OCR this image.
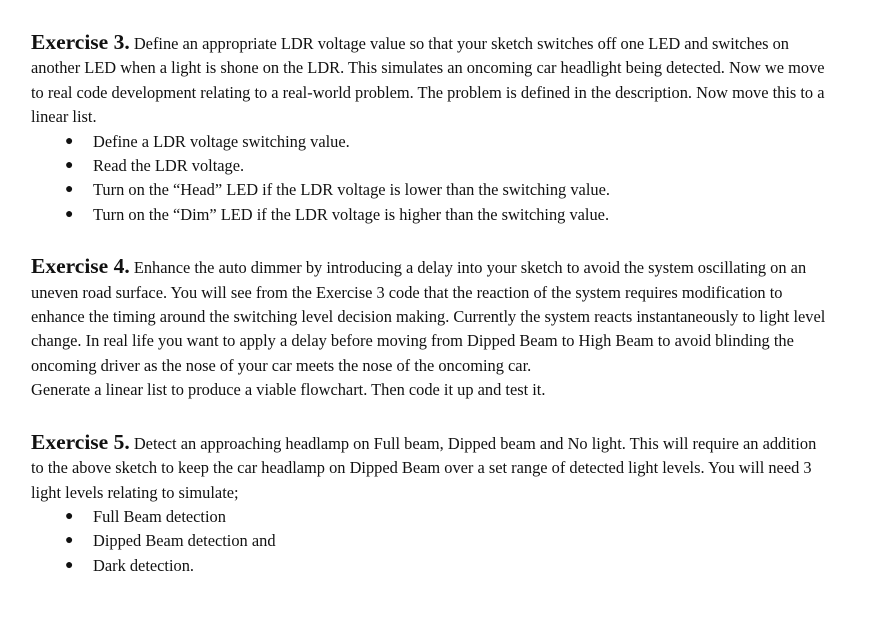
Exercise 3. Define an appropriate LDR voltage value so that your sketch switches off one LED and switches on another LED when a light is shone on the LDR. This simulates an oncoming car headlight being detected. Now we move to real code development relating to a real-world problem. The problem is defined in the description. Now move this to a linear list.

● Define a LDR voltage switching value.
● Read the LDR voltage.
● Turn on the “Head” LED if the LDR voltage is lower than the switching value.
● Turn on the “Dim” LED if the LDR voltage is higher than the switching value.

Exercise 4. Enhance the auto dimmer by introducing a delay into your sketch to avoid the system oscillating on an uneven road surface. You will see from the Exercise 3 code that the reaction of the system requires modification to enhance the timing around the switching level decision making. Currently the system reacts instantaneously to light level change. In real life you want to apply a delay before moving from Dipped Beam to High Beam to avoid blinding the oncoming driver as the nose of your car meets the nose of the oncoming car.

Generate a linear list to produce a viable flowchart. Then code it up and test it.

Exercise 5. Detect an approaching headlamp on Full beam, Dipped beam and No light. This will require an addition to the above sketch to keep the car headlamp on Dipped Beam over a set range of detected light levels. You will need 3 light levels relating to simulate;

● Full Beam detection
● Dipped Beam detection and
● Dark detection.
